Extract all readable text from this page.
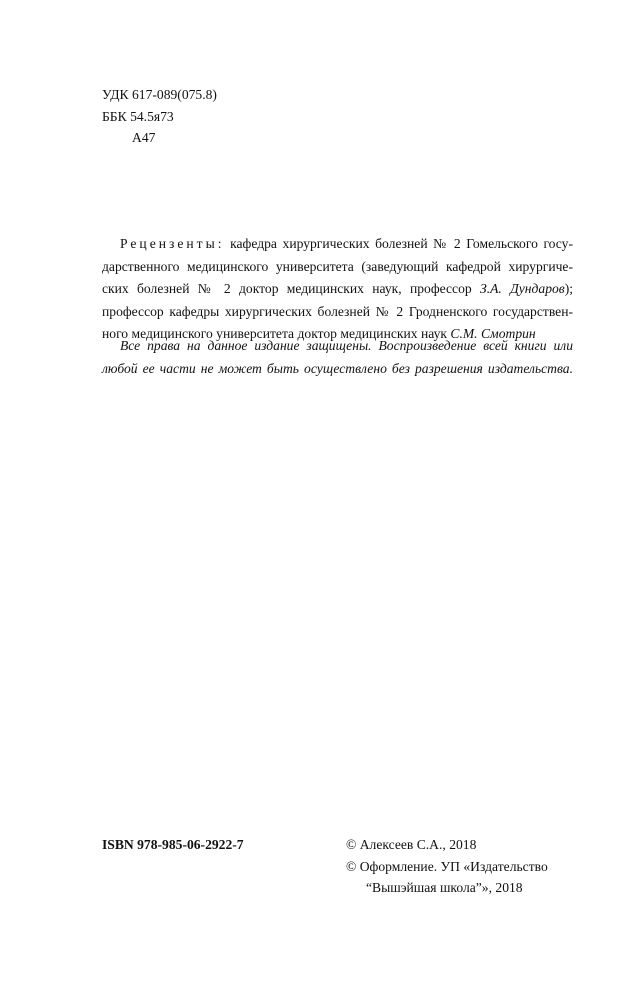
УДК 617-089(075.8)
ББК 54.5я73
А47
Рецензенты: кафедра хирургических болезней № 2 Гомельского госу-
дарственного медицинского университета (заведующий кафедрой хирургиче-
ских болезней № 2 доктор медицинских наук, профессор З.А. Дундаров);
профессор кафедры хирургических болезней № 2 Гродненского государствен-
ного медицинского университета доктор медицинских наук С.М. Смотрин
Все права на данное издание защищены. Воспроизведение всей книги или
любой ее части не может быть осуществлено без разрешения издательства.
ISBN 978-985-06-2922-7	© Алексеев С.А., 2018
© Оформление. УП «Издательство
“Вышэйшая школа”», 2018
